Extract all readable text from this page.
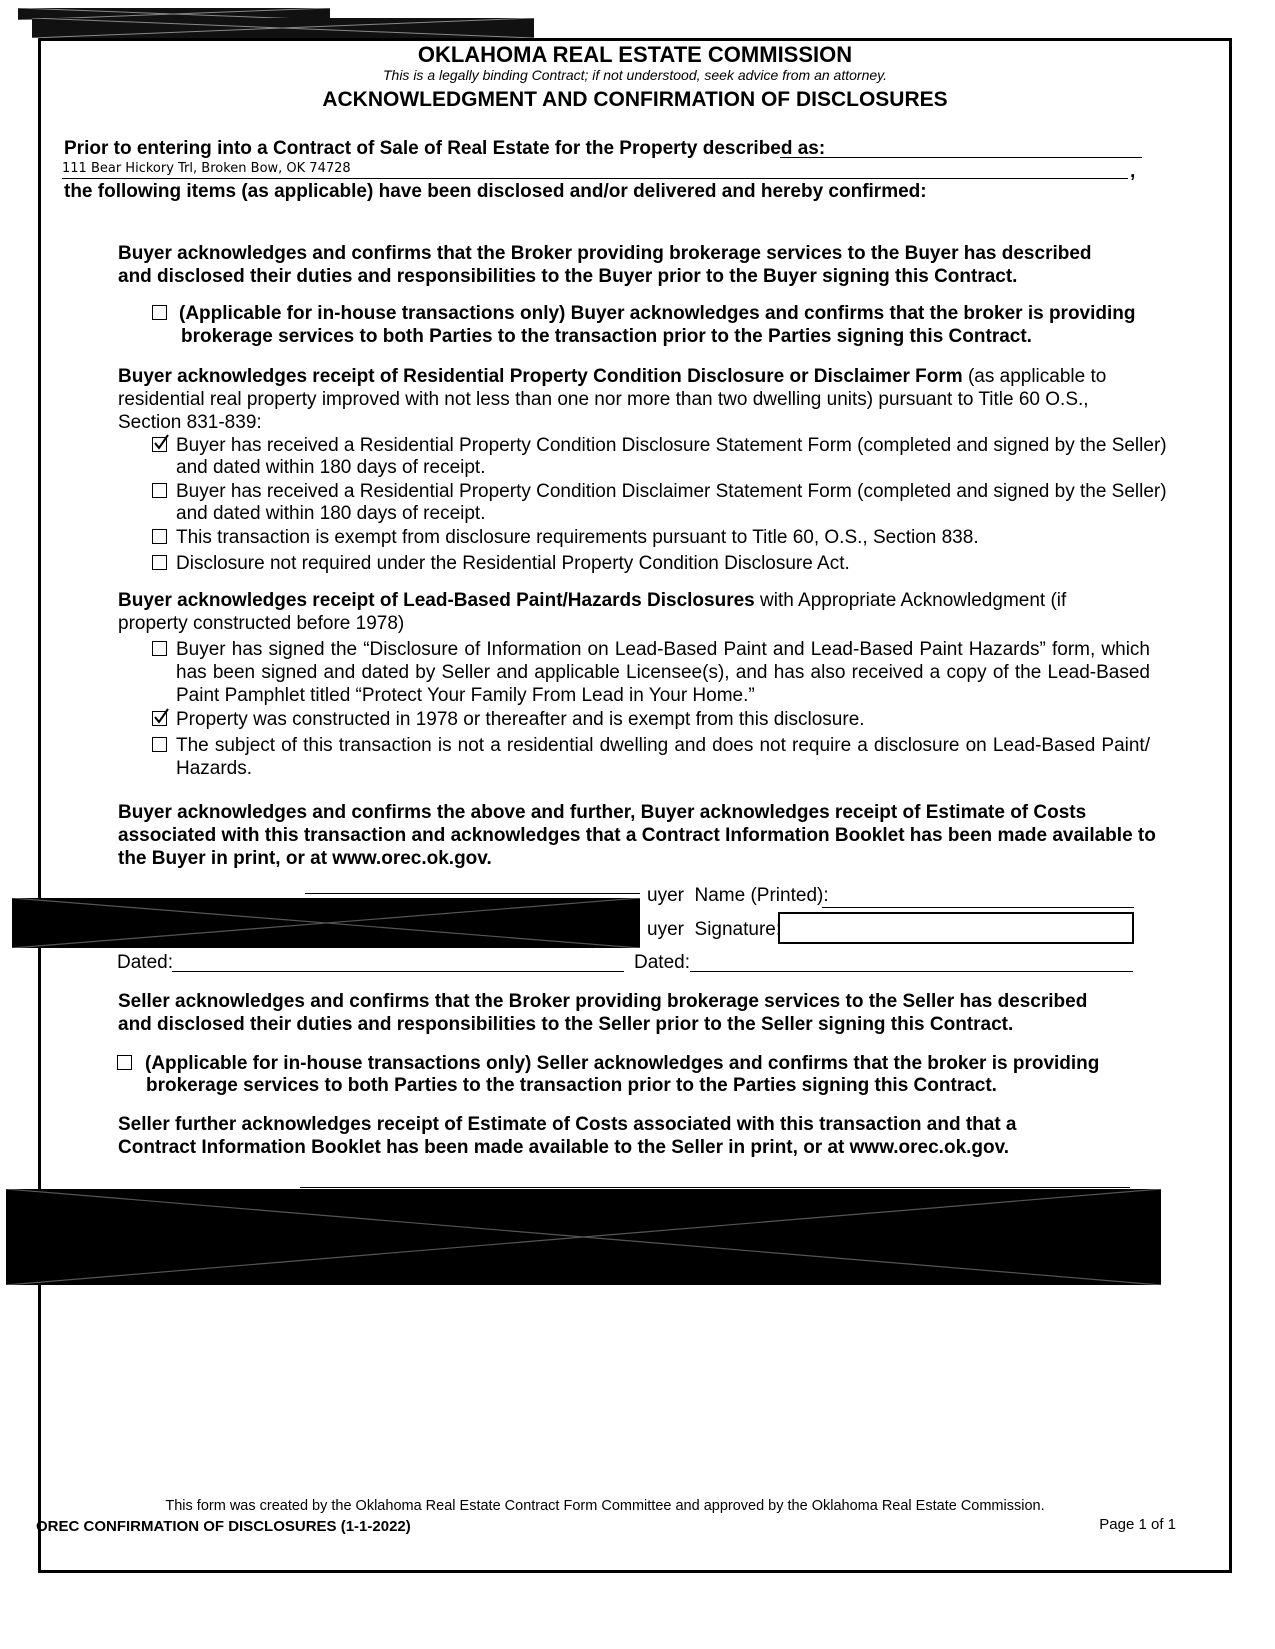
OKLAHOMA REAL ESTATE COMMISSION
This is a legally binding Contract; if not understood, seek advice from an attorney.
ACKNOWLEDGMENT AND CONFIRMATION OF DISCLOSURES
Prior to entering into a Contract of Sale of Real Estate for the Property described as:
111 Bear Hickory Trl, Broken Bow, OK 74728	,
the following items (as applicable) have been disclosed and/or delivered and hereby confirmed:
Buyer acknowledges and confirms that the Broker providing brokerage services to the Buyer has described and disclosed their duties and responsibilities to the Buyer prior to the Buyer signing this Contract.
(Applicable for in-house transactions only) Buyer acknowledges and confirms that the broker is providing
brokerage services to both Parties to the transaction prior to the Parties signing this Contract.
Buyer acknowledges receipt of Residential Property Condition Disclosure or Disclaimer Form (as applicable to residential real property improved with not less than one nor more than two dwelling units) pursuant to Title 60 O.S., Section 831-839:
Buyer has received a Residential Property Condition Disclosure Statement Form (completed and signed by the Seller)
and dated within 180 days of receipt.
Buyer has received a Residential Property Condition Disclaimer Statement Form (completed and signed by the Seller)
and dated within 180 days of receipt.
This transaction is exempt from disclosure requirements pursuant to Title 60, O.S., Section 838.
Disclosure not required under the Residential Property Condition Disclosure Act.
Buyer acknowledges receipt of Lead-Based Paint/Hazards Disclosures with Appropriate Acknowledgment (if property constructed before 1978)
Buyer has signed the “Disclosure of Information on Lead-Based Paint and Lead-Based Paint Hazards” form, which has been signed and dated by Seller and applicable Licensee(s), and has also received a copy of the Lead-Based Paint Pamphlet titled “Protect Your Family From Lead in Your Home.”
Property was constructed in 1978 or thereafter and is exempt from this disclosure.
The subject of this transaction is not a residential dwelling and does not require a disclosure on Lead-Based Paint/ Hazards.
Buyer acknowledges and confirms the above and further, Buyer acknowledges receipt of Estimate of Costs associated with this transaction and acknowledges that a Contract Information Booklet has been made available to the Buyer in print, or at www.orec.ok.gov.
uyer  Name (Printed):
uyer  Signature:
Dated:	Dated:
Seller acknowledges and confirms that the Broker providing brokerage services to the Seller has described and disclosed their duties and responsibilities to the Seller prior to the Seller signing this Contract.
(Applicable for in-house transactions only) Seller acknowledges and confirms that the broker is providing
brokerage services to both Parties to the transaction prior to the Parties signing this Contract.
Seller further acknowledges receipt of Estimate of Costs associated with this transaction and that a Contract Information Booklet has been made available to the Seller in print, or at www.orec.ok.gov.
This form was created by the Oklahoma Real Estate Contract Form Committee and approved by the Oklahoma Real Estate Commission.
OREC CONFIRMATION OF DISCLOSURES (1-1-2022)	Page 1 of 1
